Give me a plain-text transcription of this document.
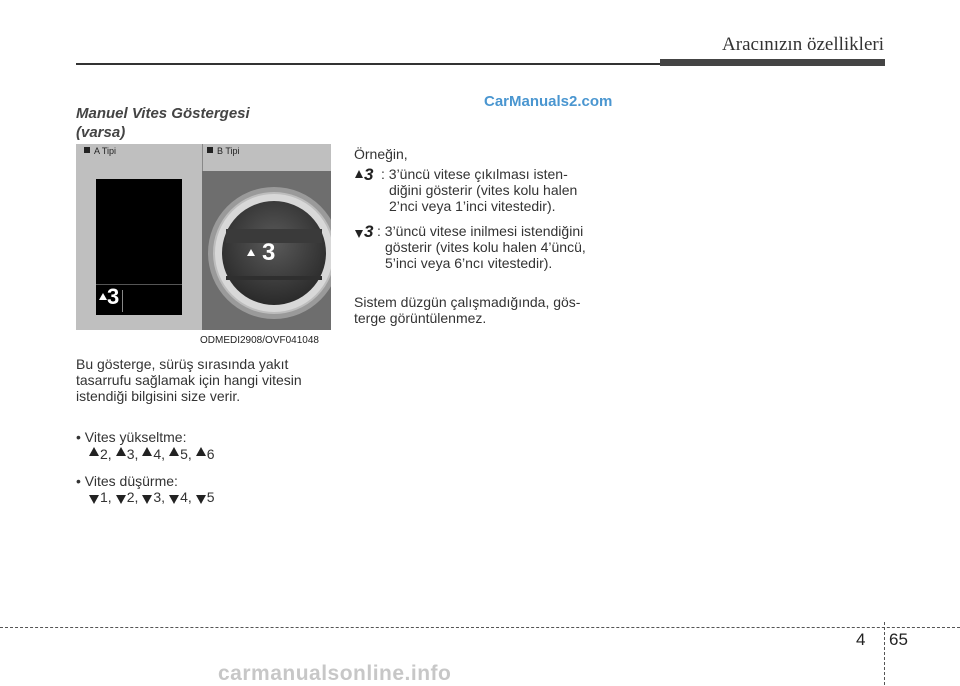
Aracınızın özellikleri
Manuel Vites Göstergesi
(varsa)
CarManuals2.com
A Tipi	B Tipi
3
3
ODMEDI2908/OVF041048
Bu gösterge, sürüş sırasında yakıt
tasarrufu sağlamak için hangi vitesin
istendiği bilgisini size verir.
• Vites yükseltme:
2 , 3 , 4 , 5 , 6
• Vites düşürme:
1 , 2 , 3 , 4 , 5
Örneğin,
3 : 3’üncü vitese çıkılması isten-
diğini gösterir (vites kolu halen
2’nci veya 1’inci vitestedir).
3 : 3’üncü vitese inilmesi istendiğini
gösterir (vites kolu halen 4’üncü,
5’inci veya 6’ncı vitestedir).
Sistem düzgün çalışmadığında, gös-
terge görüntülenmez.
4 65
carmanualsonline.info
